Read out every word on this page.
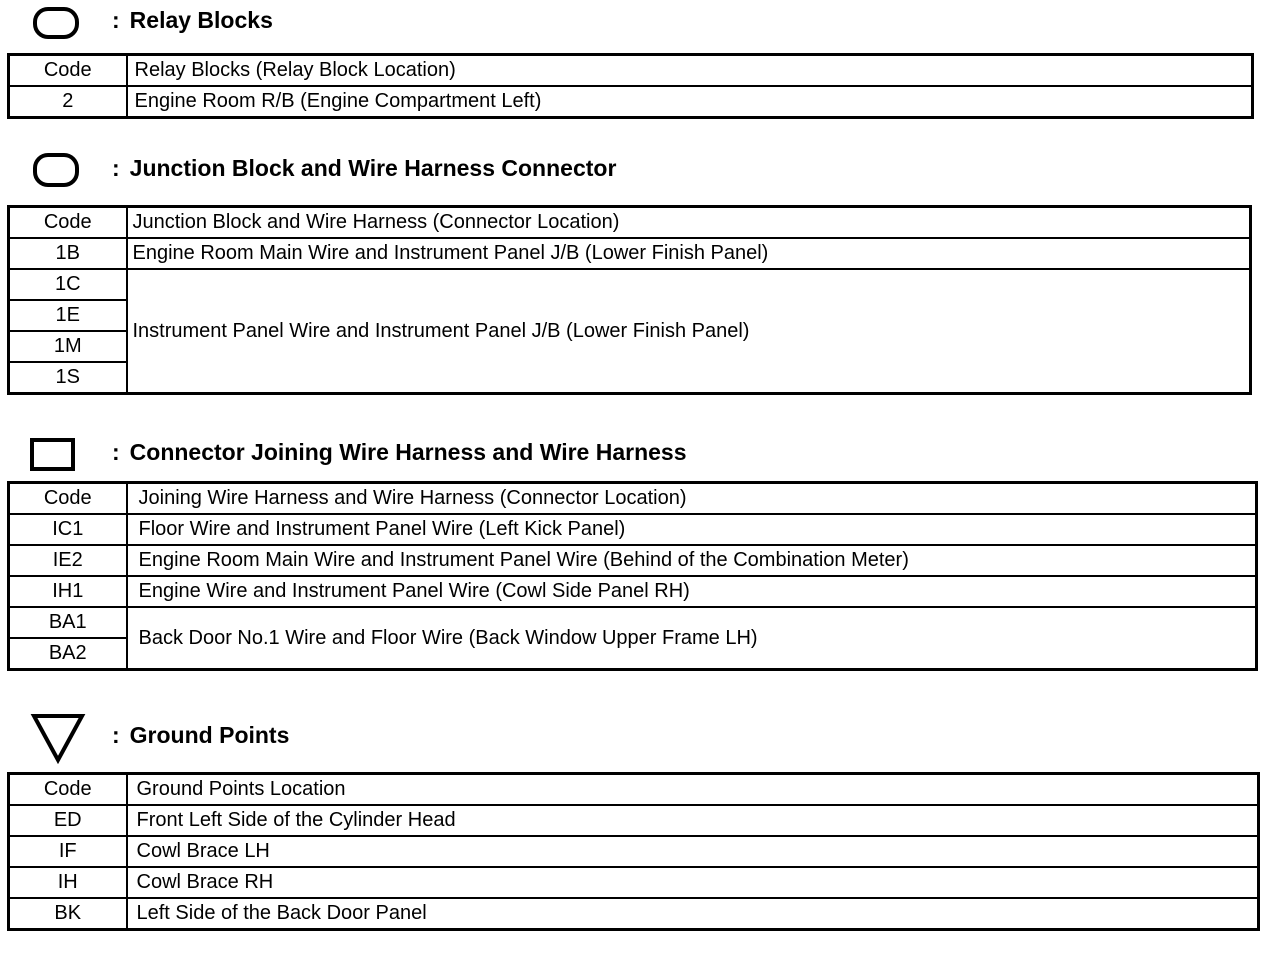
: Relay Blocks
Code	Relay Blocks (Relay Block Location)
2	Engine Room R/B (Engine Compartment Left)
: Junction Block and Wire Harness Connector
Code	Junction Block and Wire Harness (Connector Location)
1B	Engine Room Main Wire and Instrument Panel J/B (Lower Finish Panel)
1C	Instrument Panel Wire and Instrument Panel J/B (Lower Finish Panel)
1E	
1M	
1S	
: Connector Joining Wire Harness and Wire Harness
Code	Joining Wire Harness and Wire Harness (Connector Location)
IC1	Floor Wire and Instrument Panel Wire (Left Kick Panel)
IE2	Engine Room Main Wire and Instrument Panel Wire (Behind of the Combination Meter)
IH1	Engine Wire and Instrument Panel Wire (Cowl Side Panel RH)
BA1	Back Door No.1 Wire and Floor Wire (Back Window Upper Frame LH)
BA2	
: Ground Points
Code	Ground Points Location
ED	Front Left Side of the Cylinder Head
IF	Cowl Brace LH
IH	Cowl Brace RH
BK	Left Side of the Back Door Panel
